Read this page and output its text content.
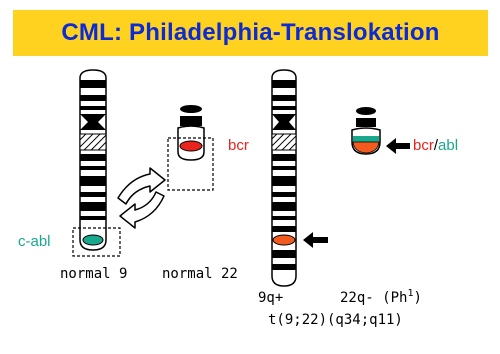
CML: Philadelphia-Translokation
bcr
c-abl
bcr/abl
normal 9 normal 22
9q+	22q- (Ph$^1$)
t(9;22)(q34;q11)
